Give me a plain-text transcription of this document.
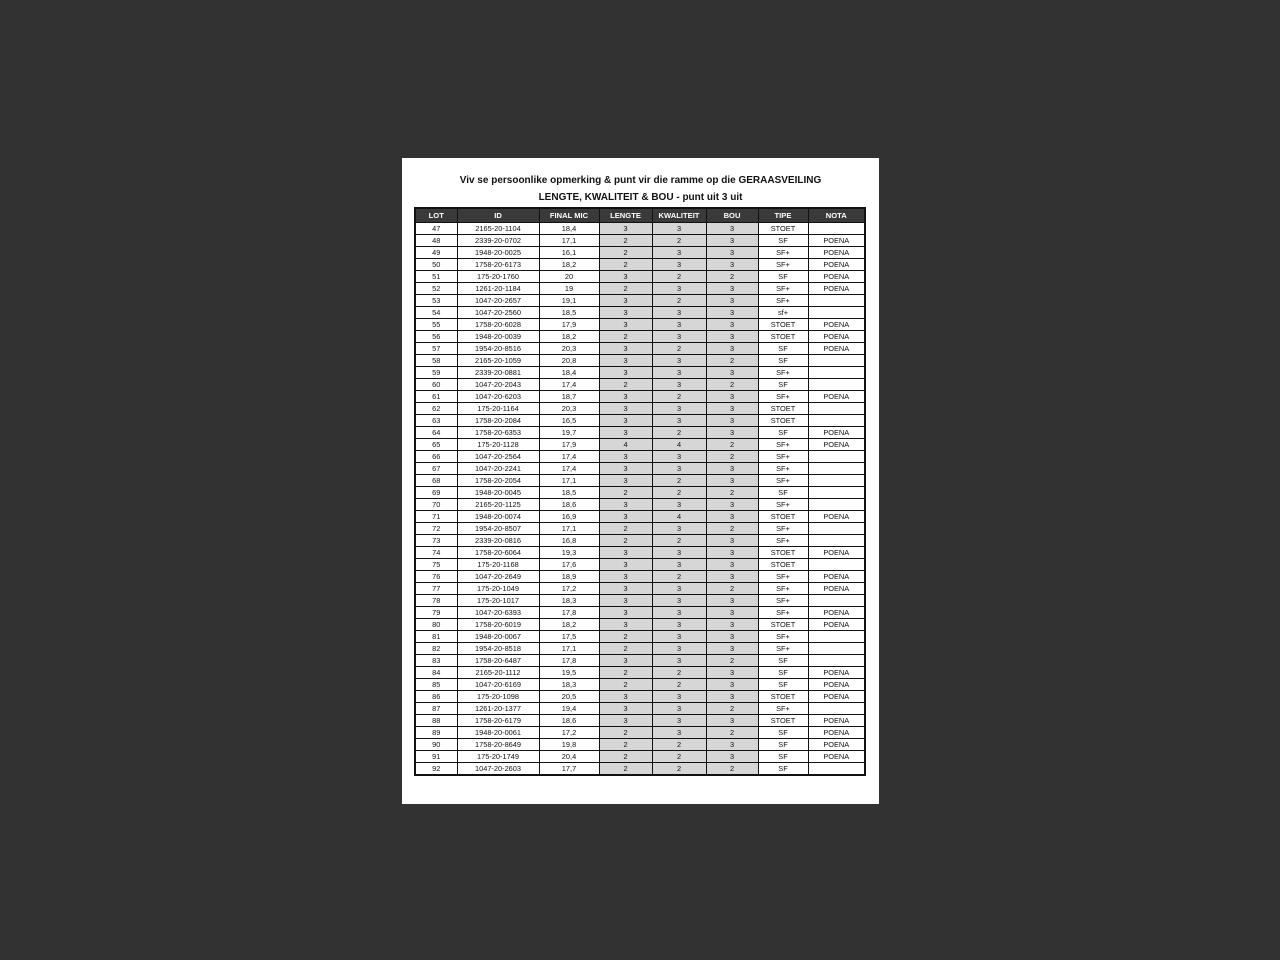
Viv se persoonlike opmerking & punt vir die ramme op die GERAASVEILING
LENGTE, KWALITEIT & BOU - punt uit 3 uit
LOT	ID	FINAL MIC	LENGTE	KWALITEIT	BOU	TIPE	NOTA
47	2165-20-1104	18,4	3	3	3	STOET	
48	2339-20-0702	17,1	2	2	3	SF	POENA
49	1948-20-0025	16,1	2	3	3	SF+	POENA
50	1758-20-6173	18,2	2	3	3	SF+	POENA
51	175-20-1760	20	3	2	2	SF	POENA
52	1261-20-1184	19	2	3	3	SF+	POENA
53	1047-20-2657	19,1	3	2	3	SF+	
54	1047-20-2560	18,5	3	3	3	sf+	
55	1758-20-6028	17,9	3	3	3	STOET	POENA
56	1948-20-0039	18,2	2	3	3	STOET	POENA
57	1954-20-8516	20,3	3	2	3	SF	POENA
58	2165-20-1059	20,8	3	3	2	SF	
59	2339-20-0881	18,4	3	3	3	SF+	
60	1047-20-2043	17,4	2	3	2	SF	
61	1047-20-6203	18,7	3	2	3	SF+	POENA
62	175-20-1164	20,3	3	3	3	STOET	
63	1758-20-2084	16,5	3	3	3	STOET	
64	1758-20-6353	19,7	3	2	3	SF	POENA
65	175-20-1128	17,9	4	4	2	SF+	POENA
66	1047-20-2564	17,4	3	3	2	SF+	
67	1047-20-2241	17,4	3	3	3	SF+	
68	1758-20-2054	17,1	3	2	3	SF+	
69	1948-20-0045	18,5	2	2	2	SF	
70	2165-20-1125	18,6	3	3	3	SF+	
71	1948-20-0074	16,9	3	4	3	STOET	POENA
72	1954-20-8507	17,1	2	3	2	SF+	
73	2339-20-0816	16,8	2	2	3	SF+	
74	1758-20-6064	19,3	3	3	3	STOET	POENA
75	175-20-1168	17,6	3	3	3	STOET	
76	1047-20-2649	18,9	3	2	3	SF+	POENA
77	175-20-1049	17,2	3	3	2	SF+	POENA
78	175-20-1017	18,3	3	3	3	SF+	
79	1047-20-6393	17,8	3	3	3	SF+	POENA
80	1758-20-6019	18,2	3	3	3	STOET	POENA
81	1948-20-0067	17,5	2	3	3	SF+	
82	1954-20-8518	17,1	2	3	3	SF+	
83	1758-20-6487	17,8	3	3	2	SF	
84	2165-20-1112	19,5	2	2	3	SF	POENA
85	1047-20-6169	18,3	2	2	3	SF	POENA
86	175-20-1098	20,5	3	3	3	STOET	POENA
87	1261-20-1377	19,4	3	3	2	SF+	
88	1758-20-6179	18,6	3	3	3	STOET	POENA
89	1948-20-0061	17,2	2	3	2	SF	POENA
90	1758-20-8649	19,8	2	2	3	SF	POENA
91	175-20-1749	20,4	2	2	3	SF	POENA
92	1047-20-2603	17,7	2	2	2	SF	
